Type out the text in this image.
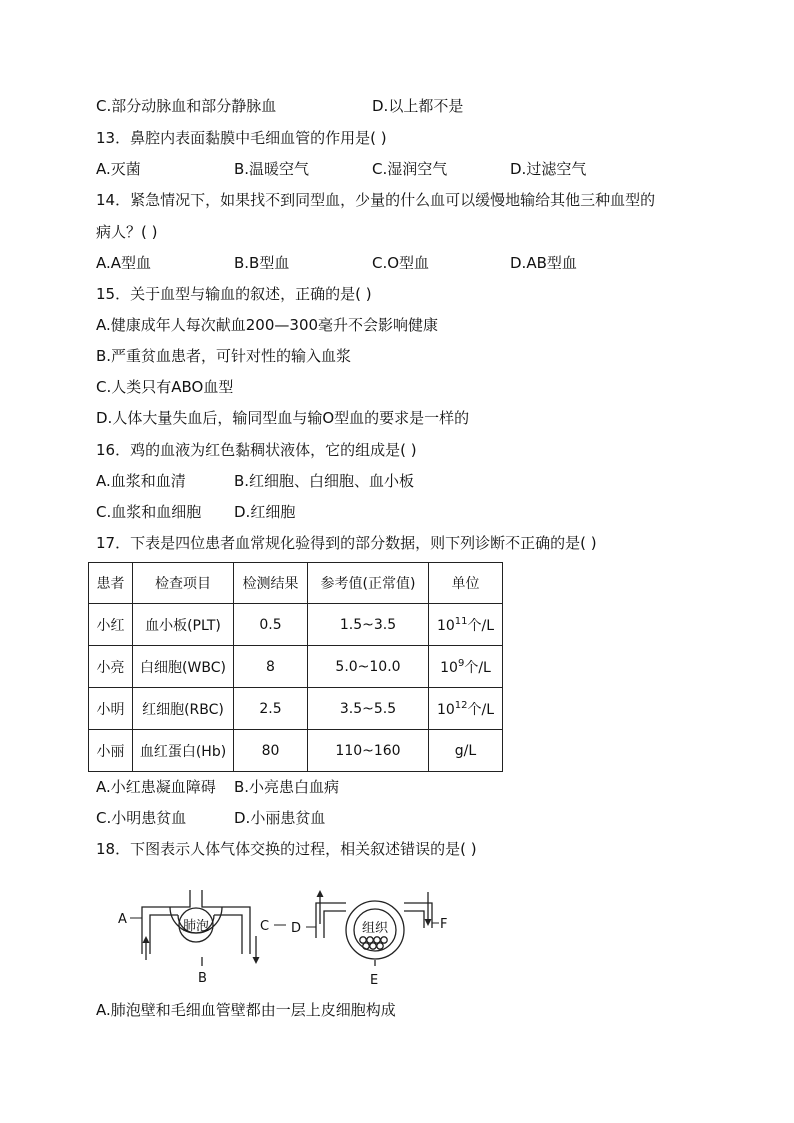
C.部分动脉血和部分静脉血	D.以上都不是
13．鼻腔内表面黏膜中毛细血管的作用是( )
A.灭菌	B.温暖空气	C.湿润空气	D.过滤空气
14．紧急情况下，如果找不到同型血，少量的什么血可以缓慢地输给其他三种血型的
病人？( )
A.A型血	B.B型血	C.O型血	D.AB型血
15．关于血型与输血的叙述，正确的是( )
A.健康成年人每次献血200—300毫升不会影响健康
B.严重贫血患者，可针对性的输入血浆
C.人类只有ABO血型
D.人体大量失血后，输同型血与输O型血的要求是一样的
16．鸡的血液为红色黏稠状液体，它的组成是( )
A.血浆和血清	B.红细胞、白细胞、血小板
C.血浆和血细胞 D.红细胞
17．下表是四位患者血常规化验得到的部分数据，则下列诊断不正确的是( )
患者	检查项目	检测结果	参考值(正常值)	单位
小红	血小板(PLT)	0.5	1.5~3.5	$10^{11}$个/L
小亮	白细胞(WBC)	8	5.0~10.0	$10^9$个/L
小明	红细胞(RBC)	2.5	3.5~5.5	$10^{12}$个/L
小丽	血红蛋白(Hb)	80	110~160	g/L
A.小红患凝血障碍 B.小亮患白血病
C.小明患贫血	D.小丽患贫血
18．下图表示人体气体交换的过程，相关叙述错误的是( )
肺泡	组织
A
B
C D
E
F
A.肺泡壁和毛细血管壁都由一层上皮细胞构成
